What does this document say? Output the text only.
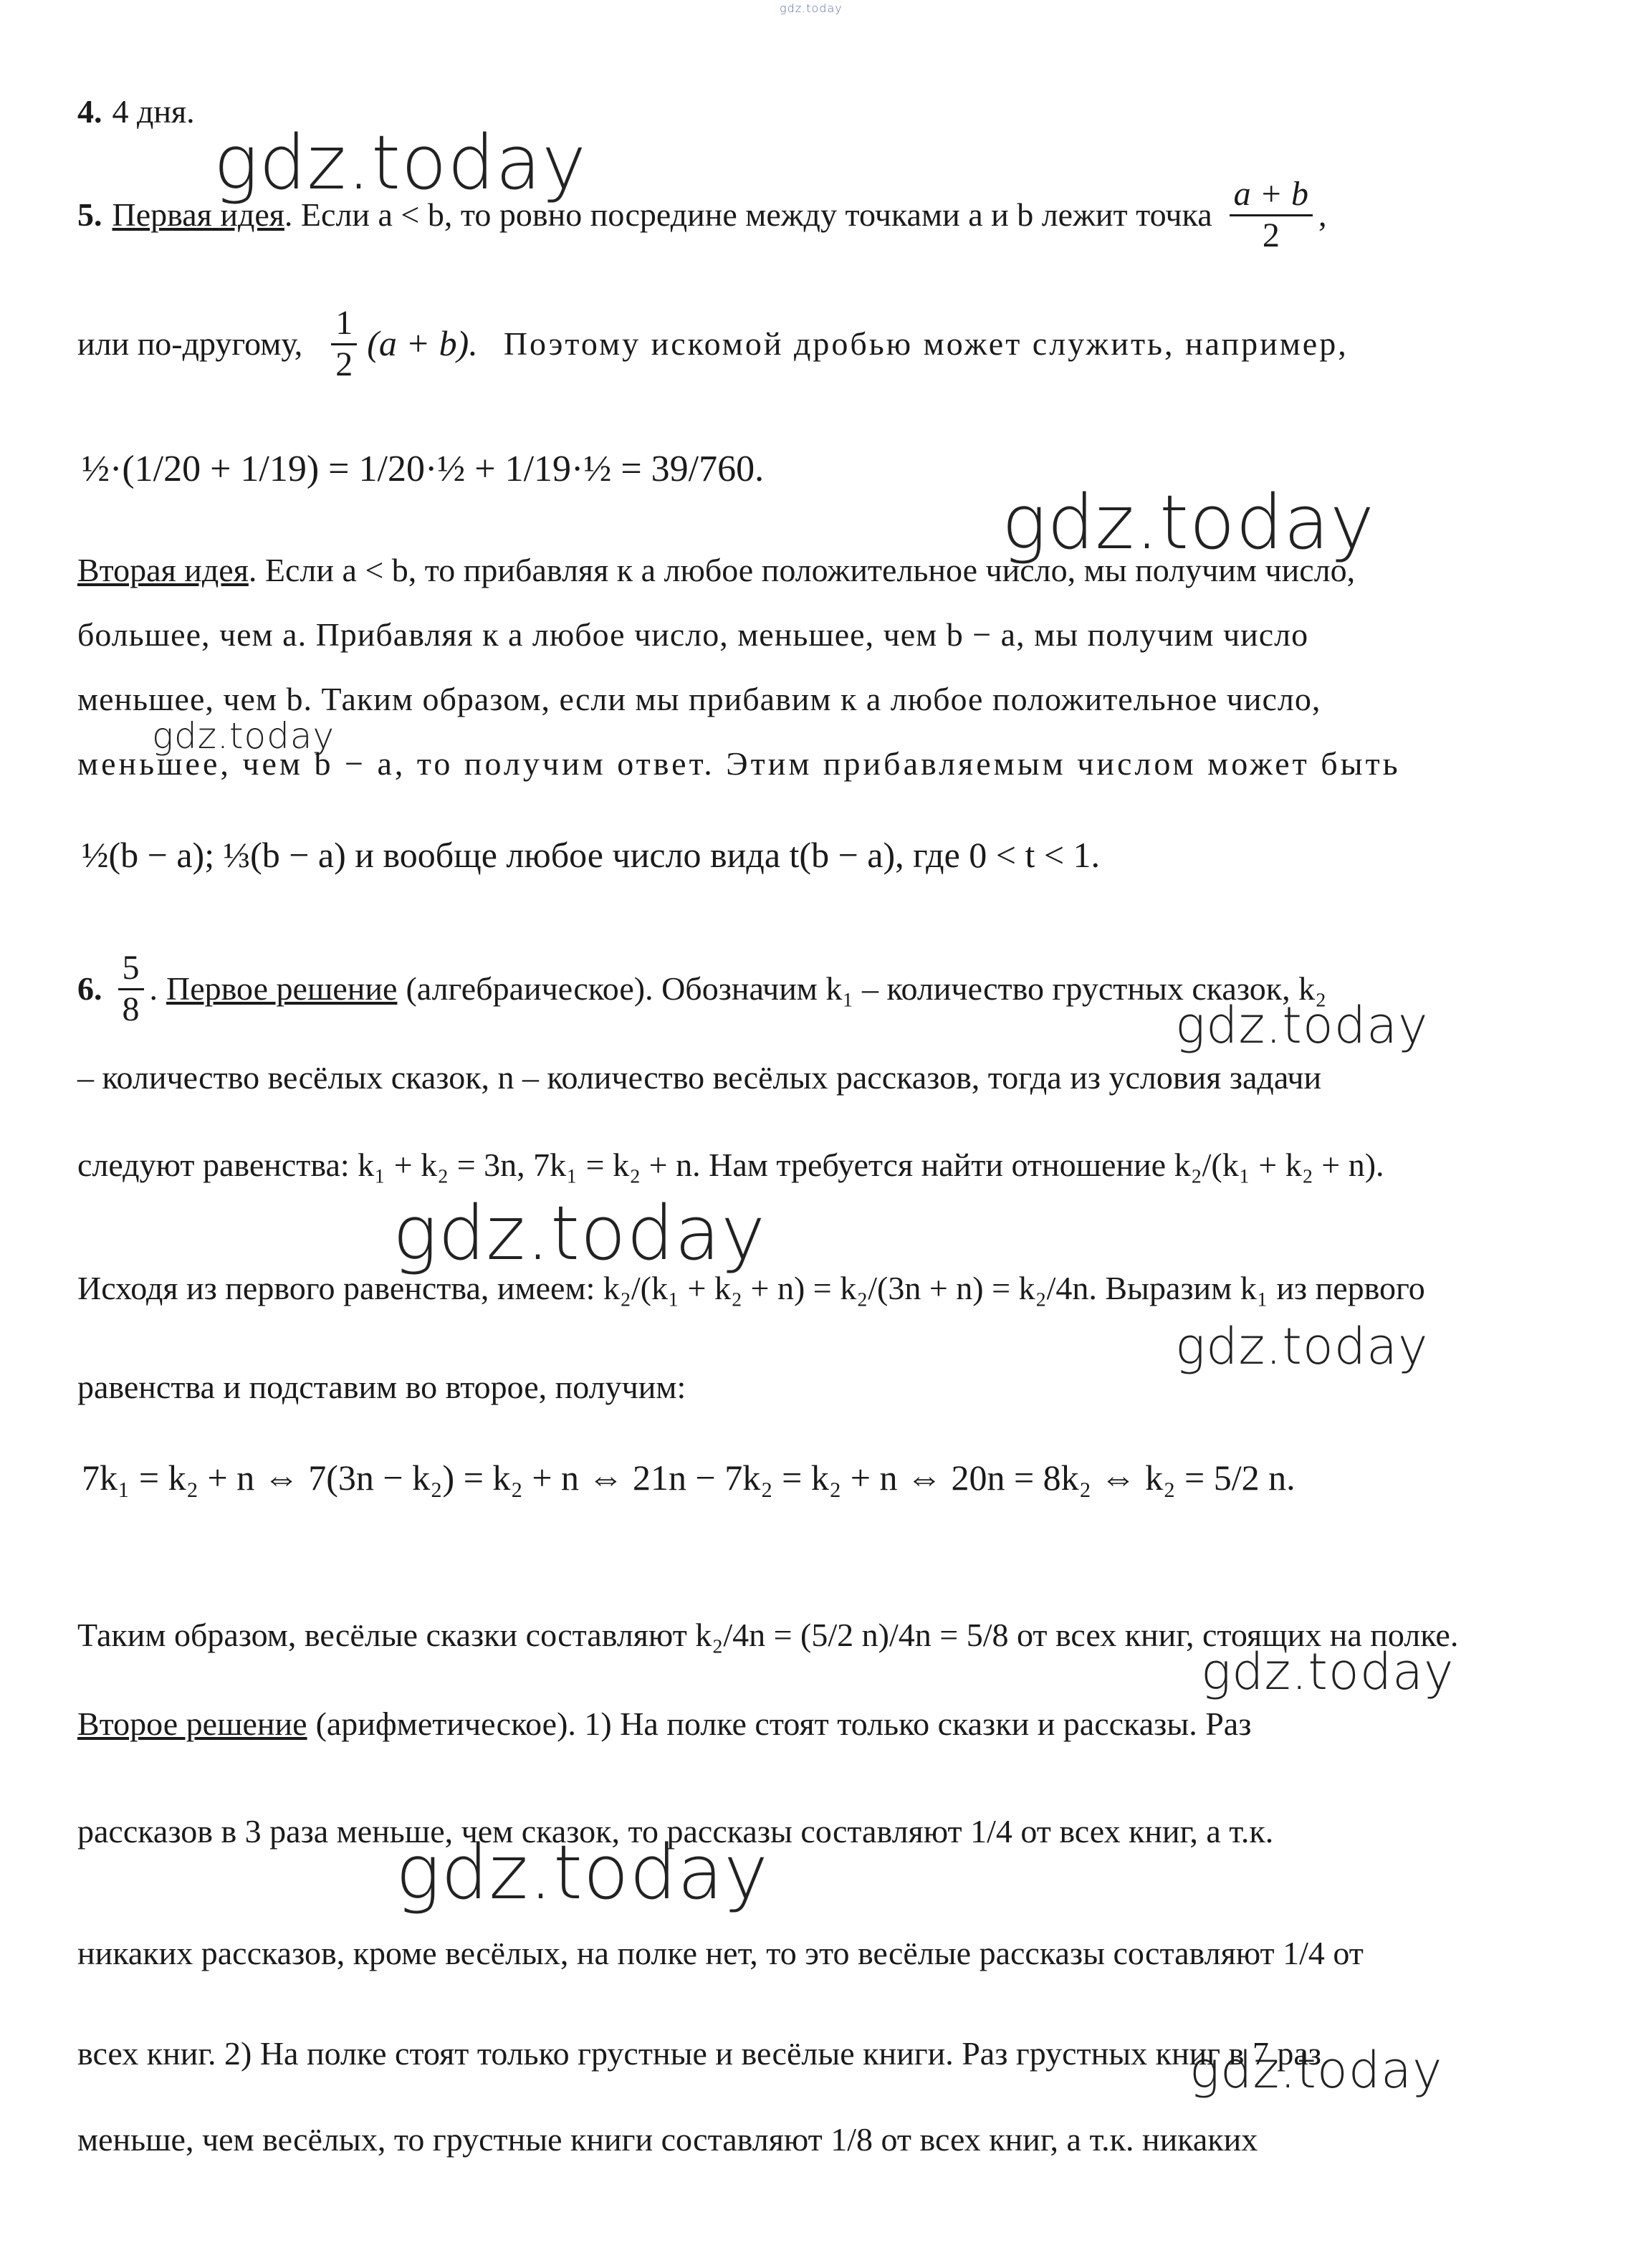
gdz.today
gdz.today
gdz.today
gdz.today
gdz.today
gdz.today
gdz.today
gdz.today
gdz.today
gdz.today
4. 4 дня.
5. Первая идея . Если a < b, то ровно посредине между точками a и b лежит точка $\frac{a + b}{2}$ ,
или по-другому, $\frac{1}{2} (a + b)$. Поэтому искомой дробью может служить, например,
½·(1/20 + 1/19) = 1/20·½ + 1/19·½ = 39/760.
Вторая идея . Если a < b, то прибавляя к a любое положительное число, мы получим число,
большее, чем a. Прибавляя к a любое число, меньшее, чем b − a, мы получим число
меньшее, чем b. Таким образом, если мы прибавим к a любое положительное число,
меньшее, чем b − a, то получим ответ. Этим прибавляемым числом может быть
½(b − a); ⅓(b − a) и вообще любое число вида t(b − a), где 0 < t < 1.
6. $\frac{5}{8}$ . Первое решение (алгебраическое). Обозначим k₁ – количество грустных сказок, k₂
– количество весёлых сказок, n – количество весёлых рассказов, тогда из условия задачи
следуют равенства: k₁ + k₂ = 3n, 7k₁ = k₂ + n. Нам требуется найти отношение k₂/(k₁ + k₂ + n).
Исходя из первого равенства, имеем: k₂/(k₁ + k₂ + n) = k₂/(3n + n) = k₂/4n. Выразим k₁ из первого
равенства и подставим во второе, получим:
7k₁ = k₂ + n ⇔ 7(3n − k₂) = k₂ + n ⇔ 21n − 7k₂ = k₂ + n ⇔ 20n = 8k₂ ⇔ k₂ = 5/2 n.
Таким образом, весёлые сказки составляют k₂/4n = (5/2 n)/4n = 5/8 от всех книг, стоящих на полке.
Второе решение (арифметическое). 1) На полке стоят только сказки и рассказы. Раз
рассказов в 3 раза меньше, чем сказок, то рассказы составляют 1/4 от всех книг, а т.к.
никаких рассказов, кроме весёлых, на полке нет, то это весёлые рассказы составляют 1/4 от
всех книг. 2) На полке стоят только грустные и весёлые книги. Раз грустных книг в 7 раз
меньше, чем весёлых, то грустные книги составляют 1/8 от всех книг, а т.к. никаких
